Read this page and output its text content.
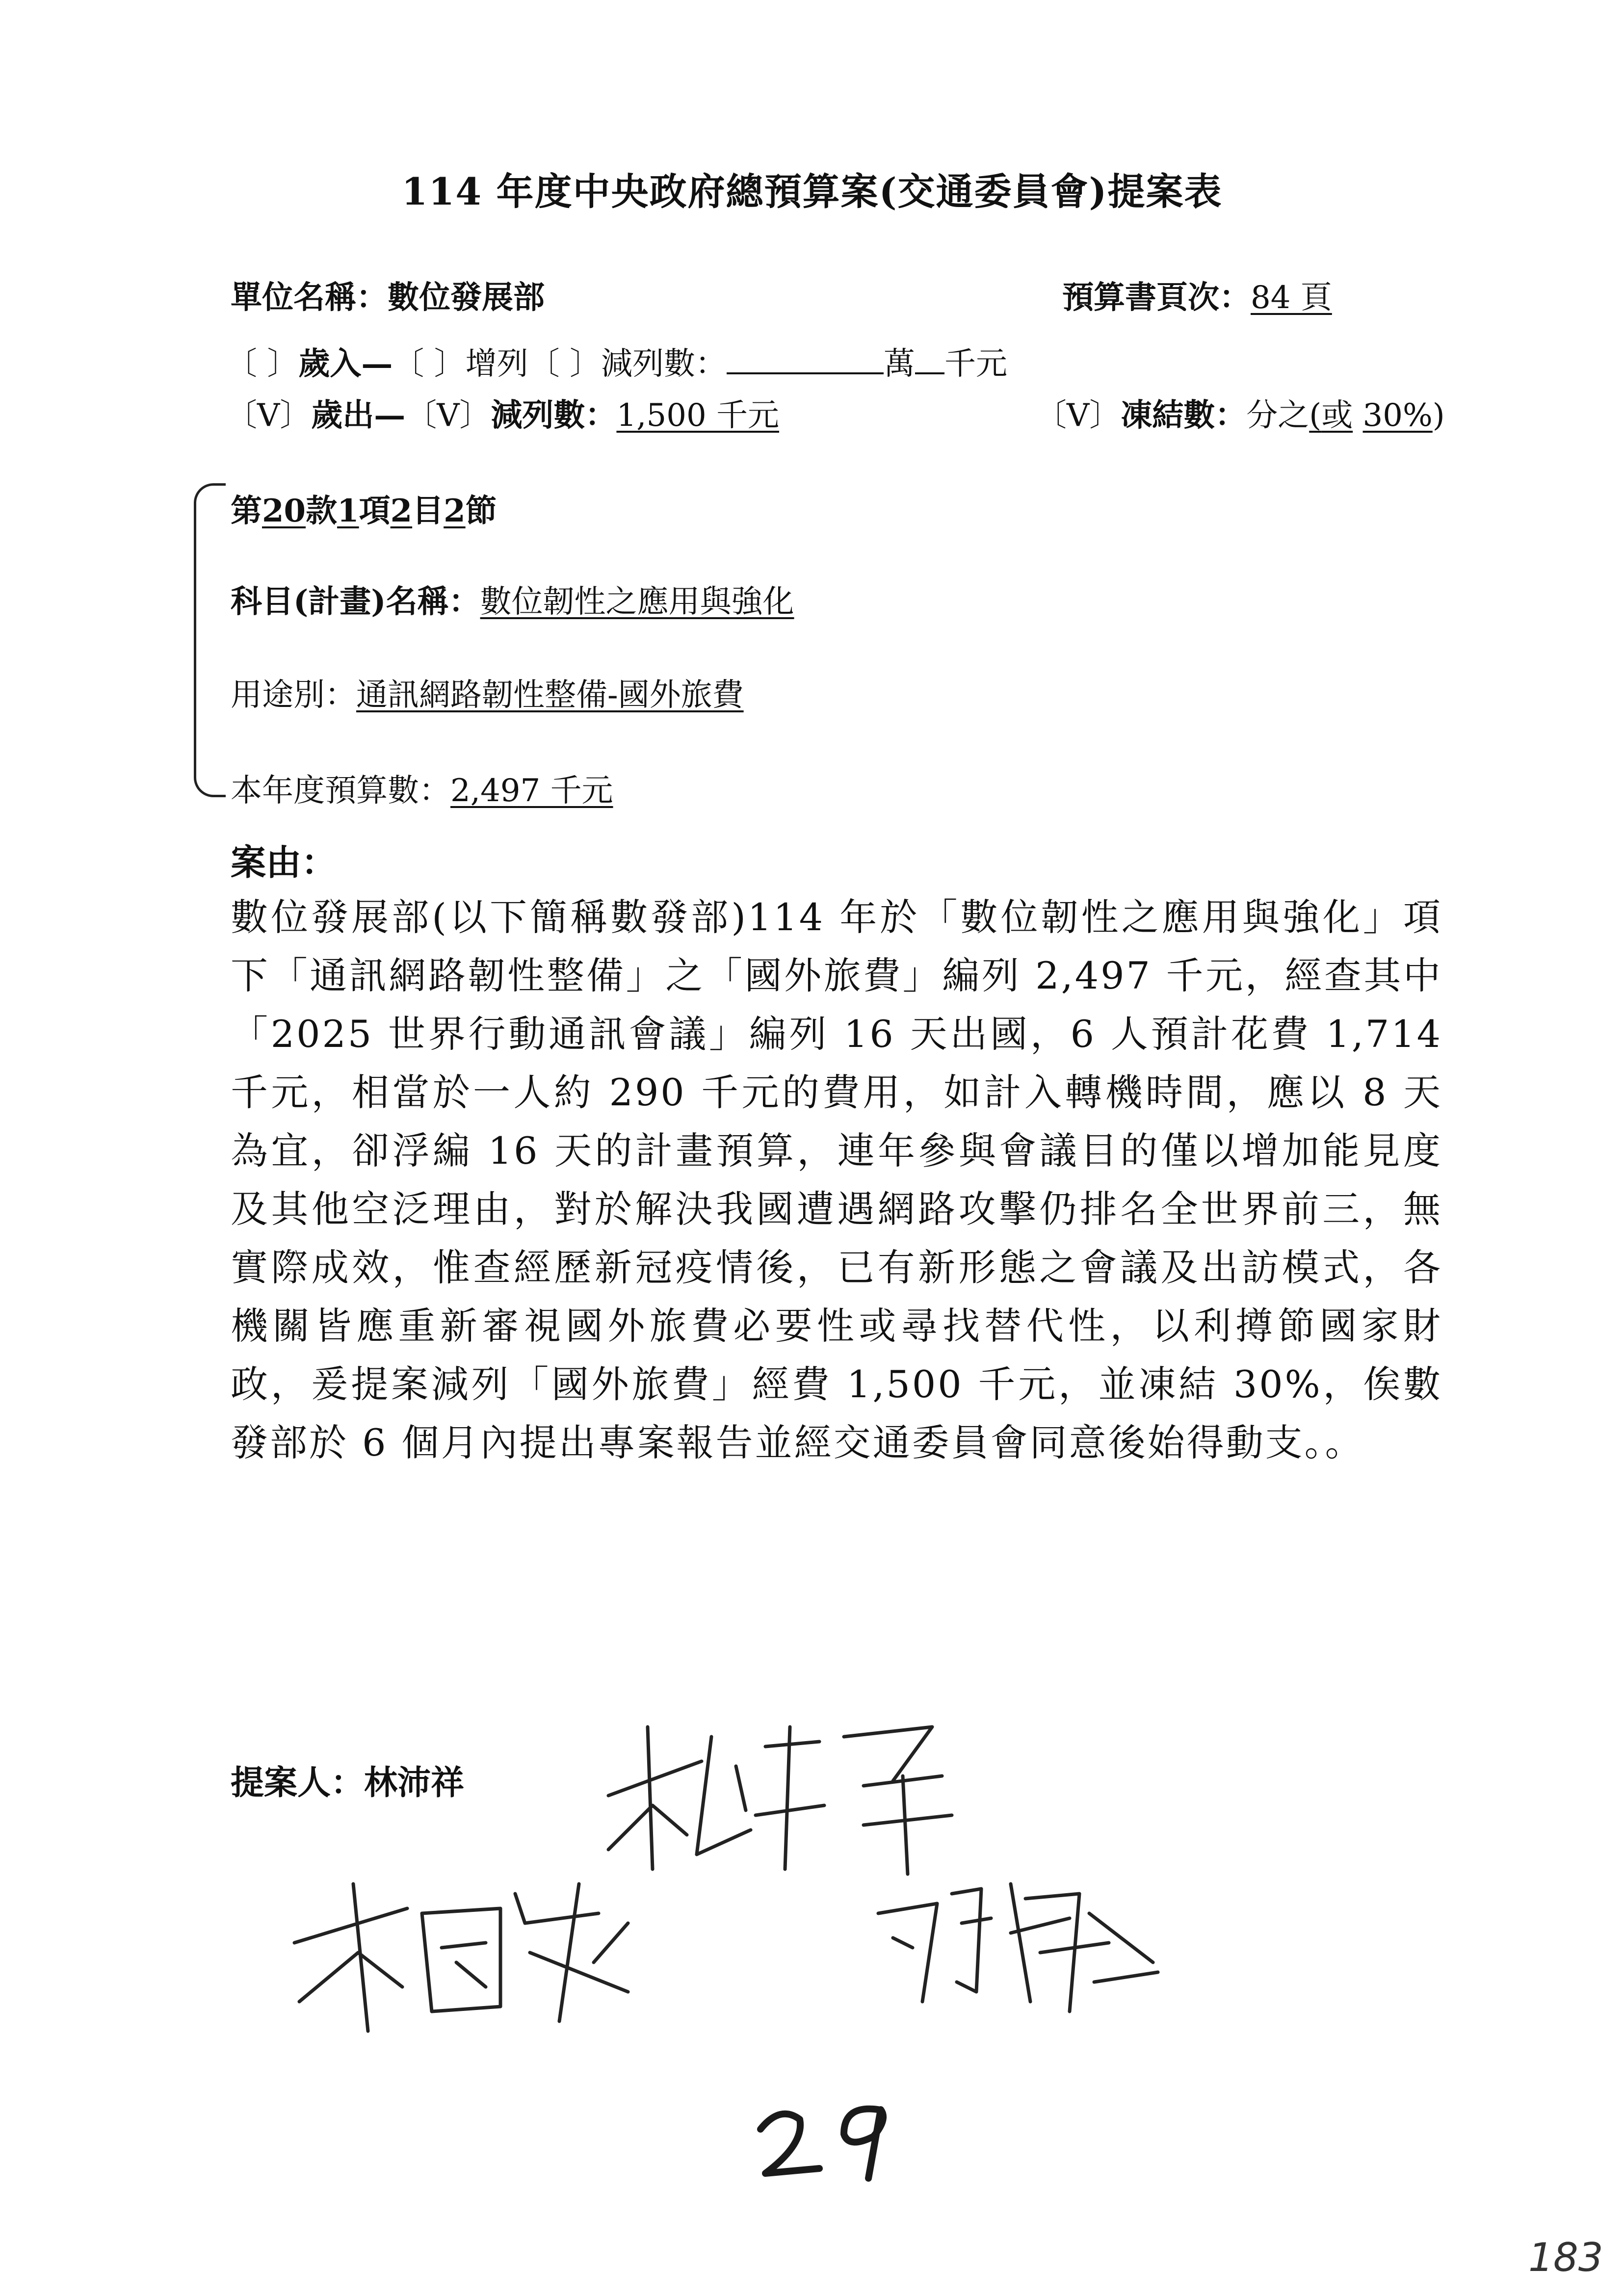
114 年度中央政府總預算案(交通委員會)提案表
單位名稱：數位發展部	預算書頁次：84 頁
〔 〕歲入—〔 〕增列〔 〕減列數：	萬 千元
〔V〕歲出—〔V〕減列數：1,500 千元	〔V〕凍結數：分之(或 30%)
第20款1項2目2節
科目(計畫)名稱：數位韌性之應用與強化
用途別：通訊網路韌性整備-國外旅費
本年度預算數：2,497 千元
案由：
數位發展部(以下簡稱數發部)114 年於「數位韌性之應用與強化」項下「通訊網路韌性整備」之「國外旅費」編列 2,497 千元，經查其中「2025 世界行動通訊會議」編列 16 天出國，6 人預計花費 1,714 千元，相當於一人約 290 千元的費用，如計入轉機時間，應以 8 天為宜，卻浮編 16 天的計畫預算，連年參與會議目的僅以增加能見度及其他空泛理由，對於解決我國遭遇網路攻擊仍排名全世界前三，無實際成效，惟查經歷新冠疫情後，已有新形態之會議及出訪模式，各機關皆應重新審視國外旅費必要性或尋找替代性，以利撙節國家財政，爰提案減列「國外旅費」經費 1,500 千元，並凍結 30%，俟數發部於 6 個月內提出專案報告並經交通委員會同意後始得動支。。
提案人：林沛祥
29
183
